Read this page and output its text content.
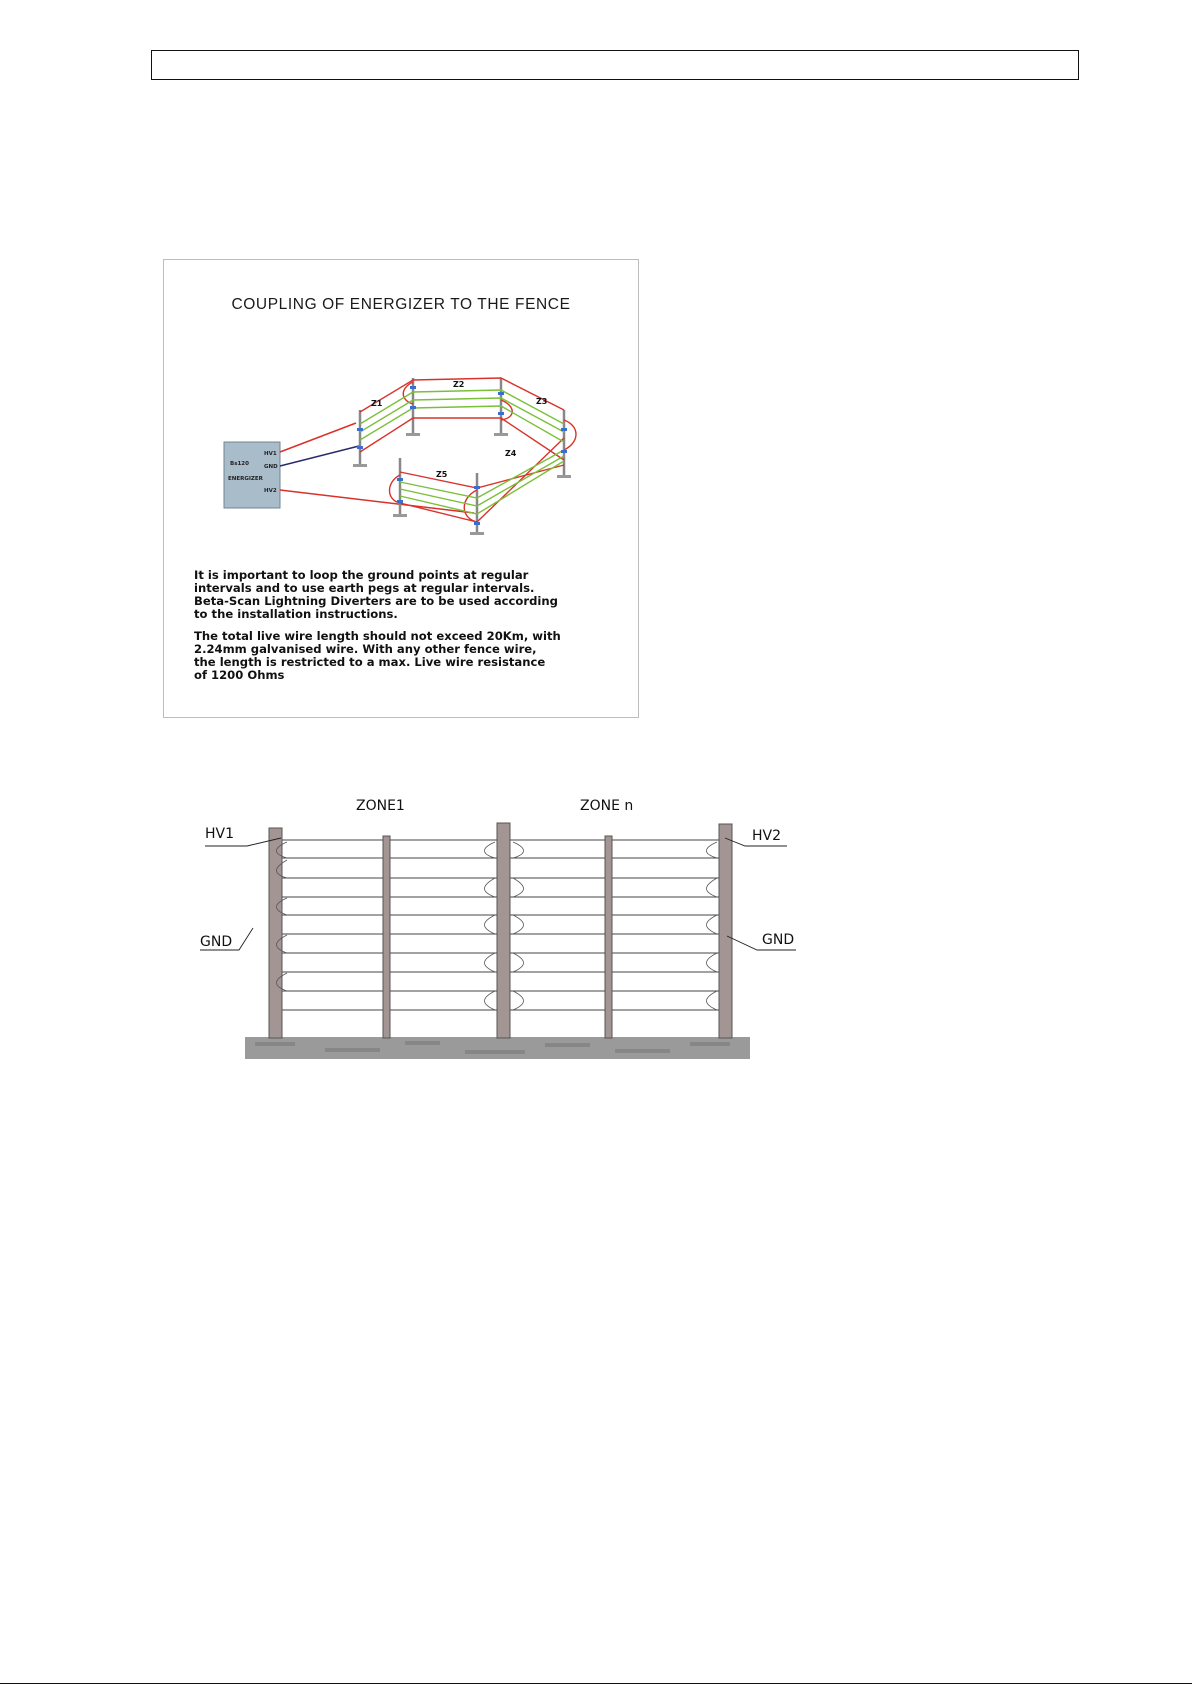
COUPLING OF ENERGIZER TO THE FENCE
Bs120
ENERGIZER
HV1
GND
HV2
Z1
Z2
Z3
Z4
Z5

It is important to loop the ground points at regular
intervals and to use earth pegs at regular intervals.
Beta-Scan Lightning Diverters are to be used according
to the installation instructions.

The total live wire length should not exceed 20Km, with
2.24mm galvanised wire. With any other fence wire,
the length is restricted to a max. Live wire resistance
of 1200 Ohms

ZONE1	ZONE n
HV1
GND
HV2
GND
